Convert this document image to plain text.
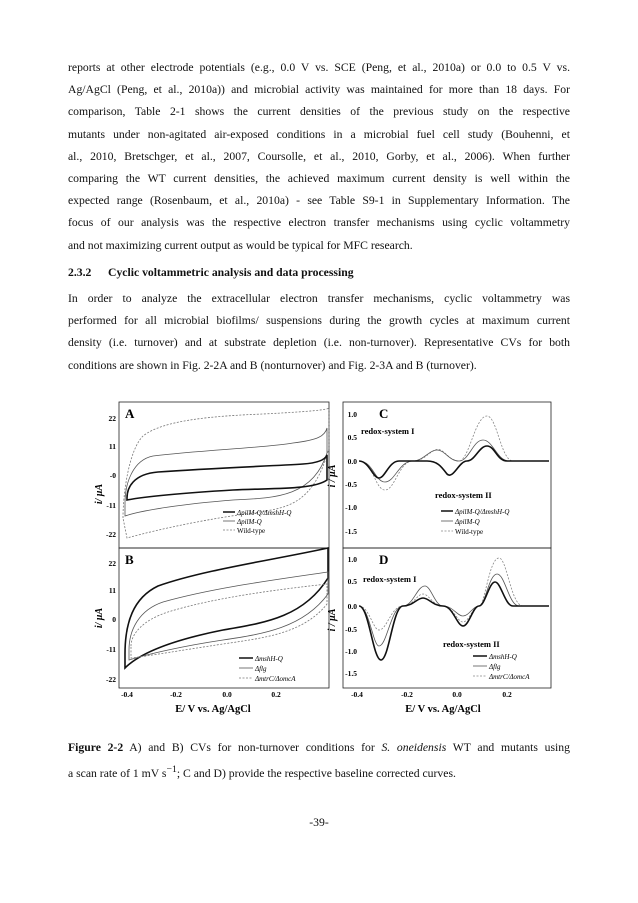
reports at other electrode potentials (e.g., 0.0 V vs. SCE (Peng, et al., 2010a) or 0.0 to 0.5 V vs.
Ag/AgCl (Peng, et al., 2010a)) and microbial activity was maintained for more than 18 days. For
comparison, Table 2-1 shows the current densities of the previous study on the respective
mutants under non-agitated air-exposed conditions in a microbial fuel cell study (Bouhenni, et
al., 2010, Bretschger, et al., 2007, Coursolle, et al., 2010, Gorby, et al., 2006). When further
comparing the WT current densities, the achieved maximum current density is well within the
expected range (Rosenbaum, et al., 2010a) - see Table S9-1 in Supplementary Information. The
focus of our analysis was the respective electron transfer mechanisms using cyclic voltammetry
and not maximizing current output as would be typical for MFC research.

2.3.2 Cyclic voltammetric analysis and data processing

In order to analyze the extracellular electron transfer mechanisms, cyclic voltammetry was
performed for all microbial biofilms/ suspensions during the growth cycles at maximum current
density (i.e. turnover) and at substrate depletion (i.e. non-turnover). Representative CVs for both
conditions are shown in Fig. 2-2A and B (nonturnover) and Fig. 2-3A and B (turnover).
A
B
C
D
22
11
-0
-11
-22
22
11
0
-11
-22
1.0
0.5
0.0
-0.5
-1.0
-1.5
1.0
0.5
0.0
-0.5
-1.0
-1.5
i/ μA
i/ μA
i / μA
i / μA
-0.4	-0.2	0.0	0.2	-0.4	-0.2	0.0	0.2
E/ V vs. Ag/AgCl	E/ V vs. Ag/AgCl
ΔpilM-Q/ΔmshH-Q
ΔpilM-Q
Wild-type
ΔmshH-Q
Δflg
ΔmtrC/ΔomcA
redox-system I
redox-system II
ΔpilM-Q/ΔmshH-Q
ΔpilM-Q
Wild-type
redox-system I
redox-system II
ΔmshH-Q
Δflg
ΔmtrC/ΔomcA
Figure 2-2 A) and B) CVs for non-turnover conditions for S. oneidensis WT and mutants using
a scan rate of 1 mV $s^{-1}$; C and D) provide the respective baseline corrected curves.
-39-
